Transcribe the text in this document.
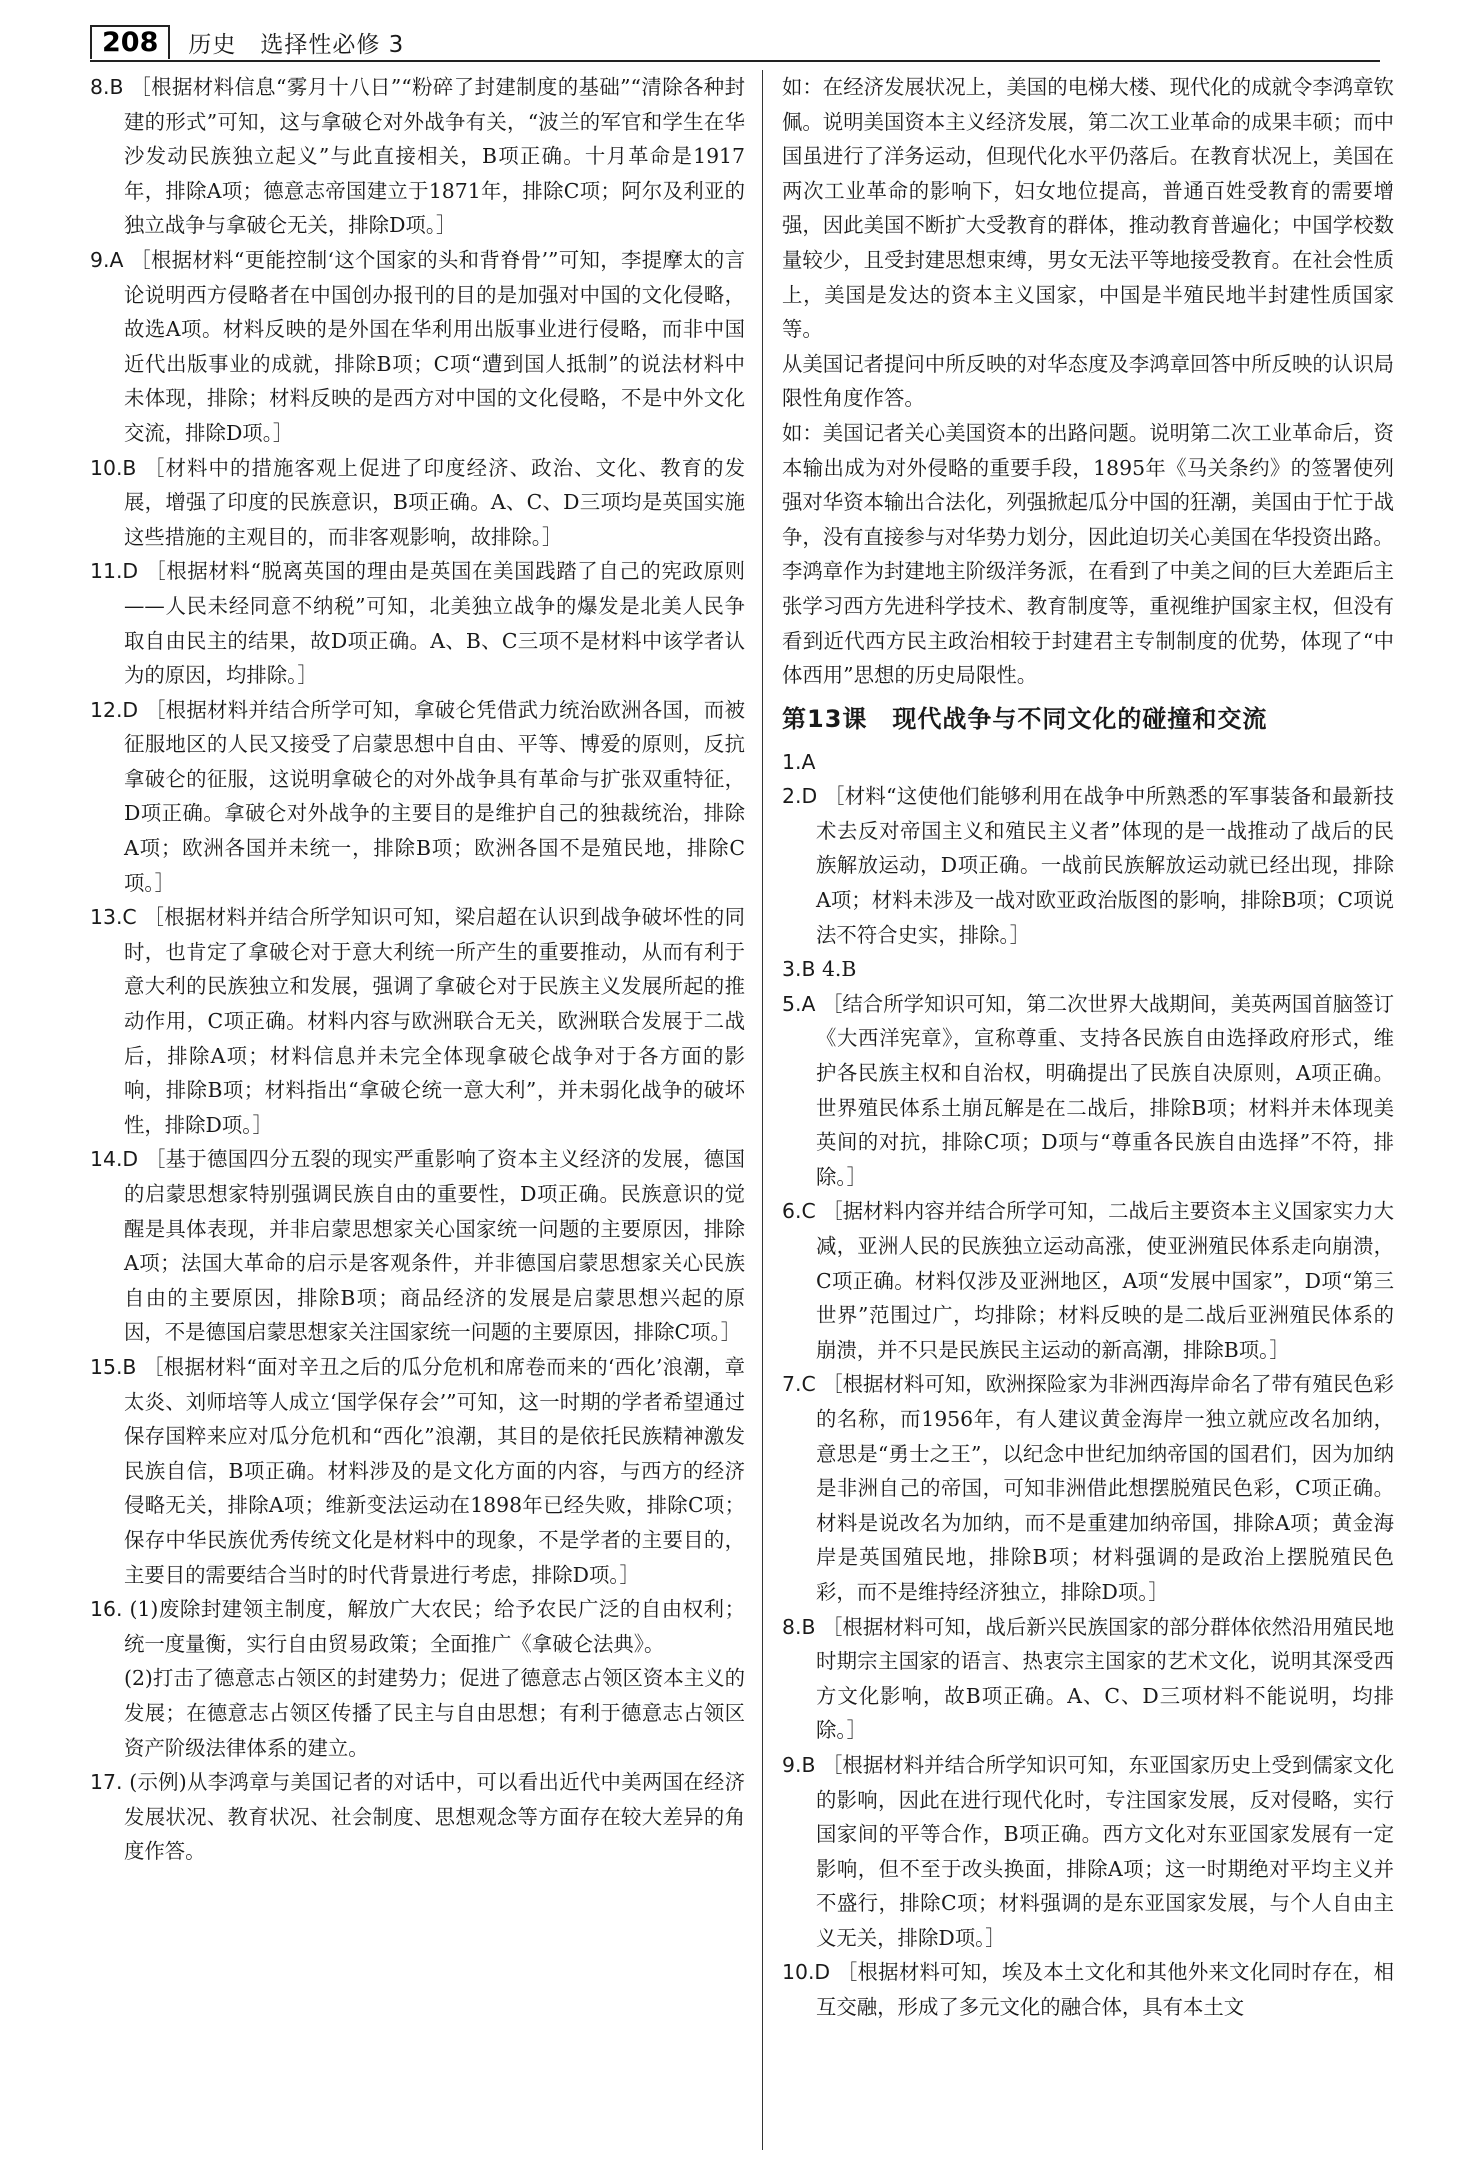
208	历史 选择性必修 3

8.B ［根据材料信息“雾月十八日”“粉碎了封建制度的基础”“清除各种封建的形式”可知，这与拿破仑对外战争有关，“波兰的军官和学生在华沙发动民族独立起义”与此直接相关，B项正确。十月革命是1917年，排除A项；德意志帝国建立于1871年，排除C项；阿尔及利亚的独立战争与拿破仑无关，排除D项。］

9.A ［根据材料“更能控制‘这个国家的头和背脊骨’”可知，李提摩太的言论说明西方侵略者在中国创办报刊的目的是加强对中国的文化侵略，故选A项。材料反映的是外国在华利用出版事业进行侵略，而非中国近代出版事业的成就，排除B项；C项“遭到国人抵制”的说法材料中未体现，排除；材料反映的是西方对中国的文化侵略，不是中外文化交流，排除D项。］

10.B ［材料中的措施客观上促进了印度经济、政治、文化、教育的发展，增强了印度的民族意识，B项正确。A、C、D三项均是英国实施这些措施的主观目的，而非客观影响，故排除。］

11.D ［根据材料“脱离英国的理由是英国在美国践踏了自己的宪政原则——人民未经同意不纳税”可知，北美独立战争的爆发是北美人民争取自由民主的结果，故D项正确。A、B、C三项不是材料中该学者认为的原因，均排除。］

12.D ［根据材料并结合所学可知，拿破仑凭借武力统治欧洲各国，而被征服地区的人民又接受了启蒙思想中自由、平等、博爱的原则，反抗拿破仑的征服，这说明拿破仑的对外战争具有革命与扩张双重特征，D项正确。拿破仑对外战争的主要目的是维护自己的独裁统治，排除A项；欧洲各国并未统一，排除B项；欧洲各国不是殖民地，排除C项。］

13.C ［根据材料并结合所学知识可知，梁启超在认识到战争破坏性的同时，也肯定了拿破仑对于意大利统一所产生的重要推动，从而有利于意大利的民族独立和发展，强调了拿破仑对于民族主义发展所起的推动作用，C项正确。材料内容与欧洲联合无关，欧洲联合发展于二战后，排除A项；材料信息并未完全体现拿破仑战争对于各方面的影响，排除B项；材料指出“拿破仑统一意大利”，并未弱化战争的破坏性，排除D项。］

14.D ［基于德国四分五裂的现实严重影响了资本主义经济的发展，德国的启蒙思想家特别强调民族自由的重要性，D项正确。民族意识的觉醒是具体表现，并非启蒙思想家关心国家统一问题的主要原因，排除A项；法国大革命的启示是客观条件，并非德国启蒙思想家关心民族自由的主要原因，排除B项；商品经济的发展是启蒙思想兴起的原因，不是德国启蒙思想家关注国家统一问题的主要原因，排除C项。］

15.B ［根据材料“面对辛丑之后的瓜分危机和席卷而来的‘西化’浪潮，章太炎、刘师培等人成立‘国学保存会’”可知，这一时期的学者希望通过保存国粹来应对瓜分危机和“西化”浪潮，其目的是依托民族精神激发民族自信，B项正确。材料涉及的是文化方面的内容，与西方的经济侵略无关，排除A项；维新变法运动在1898年已经失败，排除C项；保存中华民族优秀传统文化是材料中的现象，不是学者的主要目的，主要目的需要结合当时的时代背景进行考虑，排除D项。］

16. (1)废除封建领主制度，解放广大农民；给予农民广泛的自由权利；统一度量衡，实行自由贸易政策；全面推广《拿破仑法典》。

(2)打击了德意志占领区的封建势力；促进了德意志占领区资本主义的发展；在德意志占领区传播了民主与自由思想；有利于德意志占领区资产阶级法律体系的建立。

17. (示例)从李鸿章与美国记者的对话中，可以看出近代中美两国在经济发展状况、教育状况、社会制度、思想观念等方面存在较大差异的角度作答。

如：在经济发展状况上，美国的电梯大楼、现代化的成就令李鸿章钦佩。说明美国资本主义经济发展，第二次工业革命的成果丰硕；而中国虽进行了洋务运动，但现代化水平仍落后。在教育状况上，美国在两次工业革命的影响下，妇女地位提高，普通百姓受教育的需要增强，因此美国不断扩大受教育的群体，推动教育普遍化；中国学校数量较少，且受封建思想束缚，男女无法平等地接受教育。在社会性质上，美国是发达的资本主义国家，中国是半殖民地半封建性质国家等。

从美国记者提问中所反映的对华态度及李鸿章回答中所反映的认识局限性角度作答。

如：美国记者关心美国资本的出路问题。说明第二次工业革命后，资本输出成为对外侵略的重要手段，1895年《马关条约》的签署使列强对华资本输出合法化，列强掀起瓜分中国的狂潮，美国由于忙于战争，没有直接参与对华势力划分，因此迫切关心美国在华投资出路。

李鸿章作为封建地主阶级洋务派，在看到了中美之间的巨大差距后主张学习西方先进科学技术、教育制度等，重视维护国家主权，但没有看到近代西方民主政治相较于封建君主专制制度的优势，体现了“中体西用”思想的历史局限性。

第13课　现代战争与不同文化的碰撞和交流

1.A

2.D ［材料“这使他们能够利用在战争中所熟悉的军事装备和最新技术去反对帝国主义和殖民主义者”体现的是一战推动了战后的民族解放运动，D项正确。一战前民族解放运动就已经出现，排除A项；材料未涉及一战对欧亚政治版图的影响，排除B项；C项说法不符合史实，排除。］

3.B 4.B

5.A ［结合所学知识可知，第二次世界大战期间，美英两国首脑签订《大西洋宪章》，宣称尊重、支持各民族自由选择政府形式，维护各民族主权和自治权，明确提出了民族自决原则，A项正确。世界殖民体系土崩瓦解是在二战后，排除B项；材料并未体现美英间的对抗，排除C项；D项与“尊重各民族自由选择”不符，排除。］

6.C ［据材料内容并结合所学可知，二战后主要资本主义国家实力大减，亚洲人民的民族独立运动高涨，使亚洲殖民体系走向崩溃，C项正确。材料仅涉及亚洲地区，A项“发展中国家”，D项“第三世界”范围过广，均排除；材料反映的是二战后亚洲殖民体系的崩溃，并不只是民族民主运动的新高潮，排除B项。］

7.C ［根据材料可知，欧洲探险家为非洲西海岸命名了带有殖民色彩的名称，而1956年，有人建议黄金海岸一独立就应改名加纳，意思是“勇士之王”，以纪念中世纪加纳帝国的国君们，因为加纳是非洲自己的帝国，可知非洲借此想摆脱殖民色彩，C项正确。材料是说改名为加纳，而不是重建加纳帝国，排除A项；黄金海岸是英国殖民地，排除B项；材料强调的是政治上摆脱殖民色彩，而不是维持经济独立，排除D项。］

8.B ［根据材料可知，战后新兴民族国家的部分群体依然沿用殖民地时期宗主国家的语言、热衷宗主国家的艺术文化，说明其深受西方文化影响，故B项正确。A、C、D三项材料不能说明，均排除。］

9.B ［根据材料并结合所学知识可知，东亚国家历史上受到儒家文化的影响，因此在进行现代化时，专注国家发展，反对侵略，实行国家间的平等合作，B项正确。西方文化对东亚国家发展有一定影响，但不至于改头换面，排除A项；这一时期绝对平均主义并不盛行，排除C项；材料强调的是东亚国家发展，与个人自由主义无关，排除D项。］

10.D ［根据材料可知，埃及本土文化和其他外来文化同时存在，相互交融，形成了多元文化的融合体，具有本土文
